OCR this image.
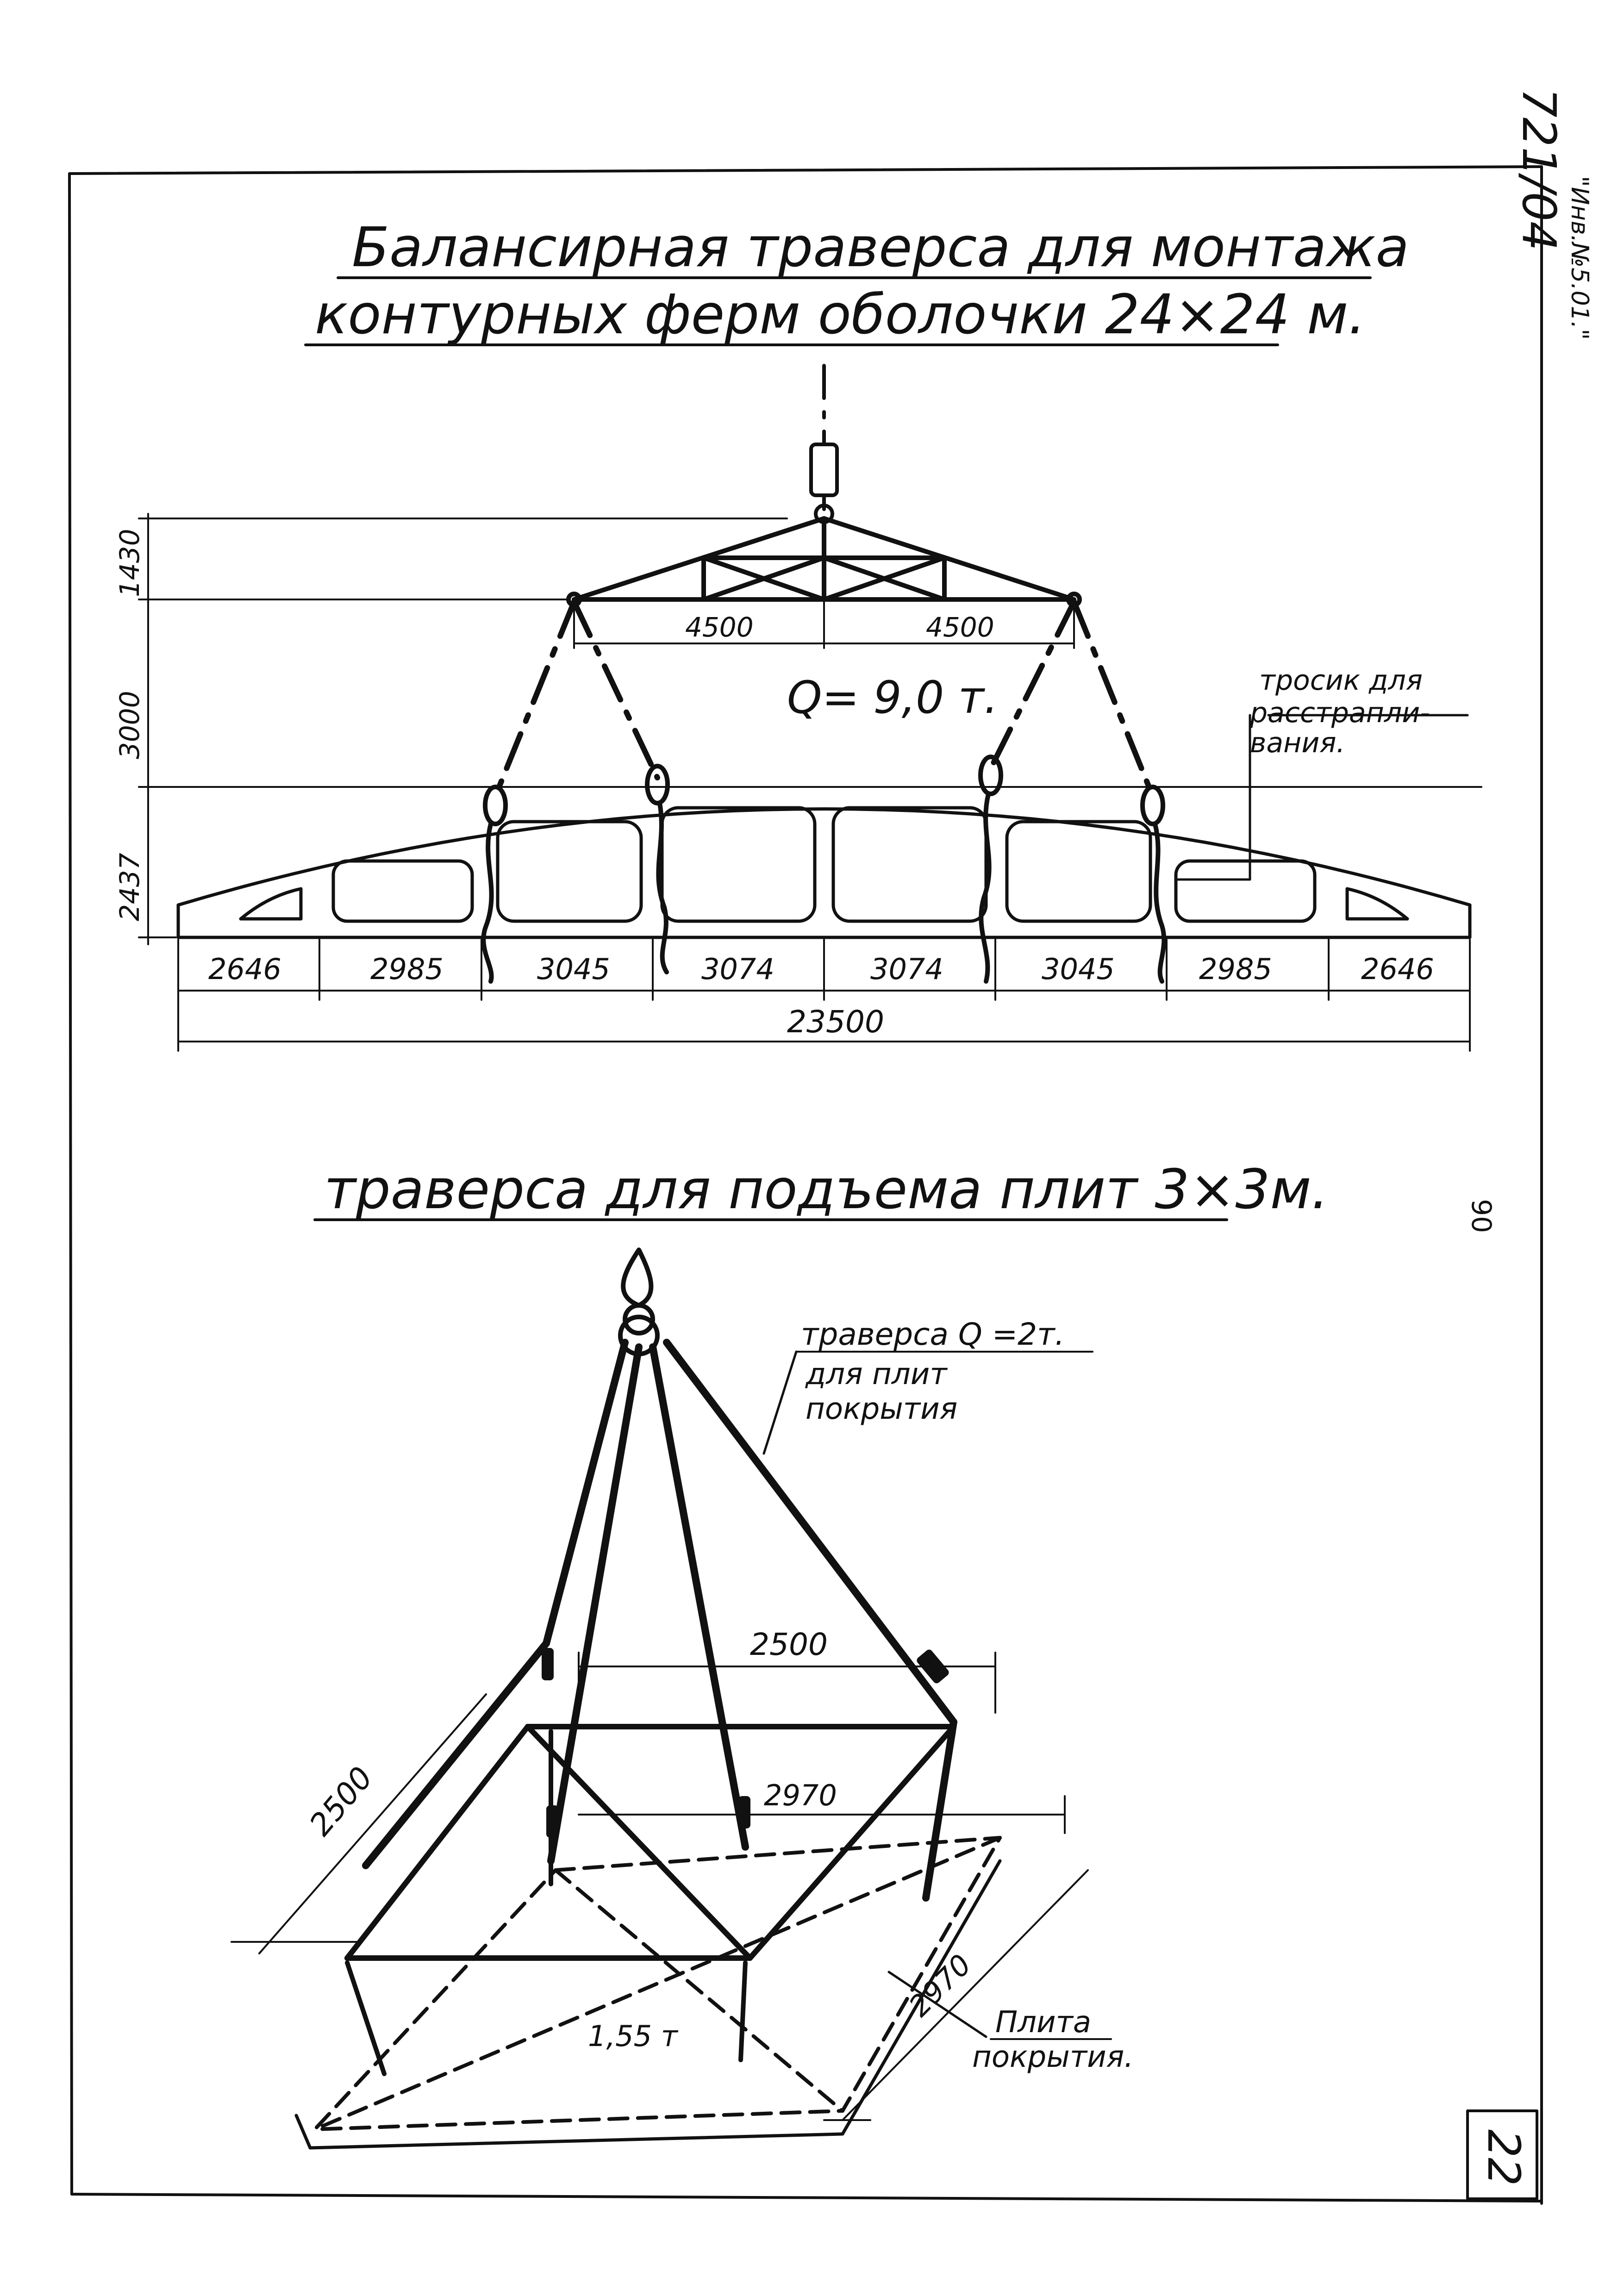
721/04
"Инв.№5.01."
Балансирная траверса для монтажа
контурных ферм оболочки 24×24 м.
4500	4500
Q= 9,0 т.	тросик для
расстрапли-
вания.
1430
3000
2437
2646	2985	3045	3074	3074	3045	2985	2646
23500
траверса для подъема плит 3×3м.	90
2500
2500	2970
2970
1,55 т
траверса Q =2т.
для плит
покрытия
Плита
покрытия.
22
